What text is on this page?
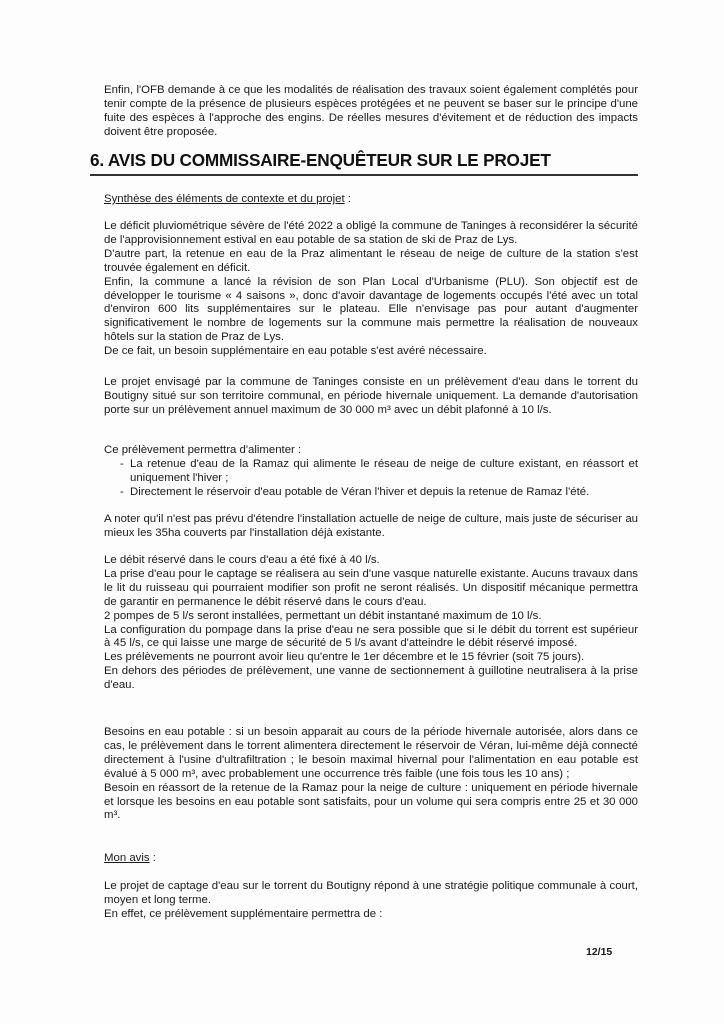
Enfin, l'OFB demande à ce que les modalités de réalisation des travaux soient également complétés pour tenir compte de la présence de plusieurs espèces protégées et ne peuvent se baser sur le principe d'une fuite des espèces à l'approche des engins. De réelles mesures d'évitement et de réduction des impacts doivent être proposée.

6. AVIS DU COMMISSAIRE-ENQUÊTEUR SUR LE PROJET

Synthèse des éléments de contexte et du projet :

Le déficit pluviométrique sévère de l'été 2022 a obligé la commune de Taninges à reconsidérer la sécurité de l'approvisionnement estival en eau potable de sa station de ski de Praz de Lys.

D'autre part, la retenue en eau de la Praz alimentant le réseau de neige de culture de la station s'est trouvée également en déficit.

Enfin, la commune a lancé la révision de son Plan Local d'Urbanisme (PLU). Son objectif est de développer le tourisme « 4 saisons », donc d'avoir davantage de logements occupés l'été avec un total d'environ 600 lits supplémentaires sur le plateau. Elle n'envisage pas pour autant d'augmenter significativement le nombre de logements sur la commune mais permettre la réalisation de nouveaux hôtels sur la station de Praz de Lys.

De ce fait, un besoin supplémentaire en eau potable s'est avéré nécessaire.

Le projet envisagé par la commune de Taninges consiste en un prélèvement d'eau dans le torrent du Boutigny situé sur son territoire communal, en période hivernale uniquement. La demande d'autorisation porte sur un prélèvement annuel maximum de 30 000 m³ avec un débit plafonné à 10 l/s.

Ce prélèvement permettra d'alimenter :

- La retenue d'eau de la Ramaz qui alimente le réseau de neige de culture existant, en réassort et uniquement l'hiver ;
- Directement le réservoir d'eau potable de Véran l'hiver et depuis la retenue de Ramaz l'été.

A noter qu'il n'est pas prévu d'étendre l'installation actuelle de neige de culture, mais juste de sécuriser au mieux les 35ha couverts par l'installation déjà existante.

Le débit réservé dans le cours d'eau a été fixé à 40 l/s.

La prise d'eau pour le captage se réalisera au sein d'une vasque naturelle existante. Aucuns travaux dans le lit du ruisseau qui pourraient modifier son profit ne seront réalisés. Un dispositif mécanique permettra de garantir en permanence le débit réservé dans le cours d'eau.

2 pompes de 5 l/s seront installées, permettant un débit instantané maximum de 10 l/s.

La configuration du pompage dans la prise d'eau ne sera possible que si le débit du torrent est supérieur à 45 l/s, ce qui laisse une marge de sécurité de 5 l/s avant d'atteindre le débit réservé imposé.

Les prélèvements ne pourront avoir lieu qu'entre le 1er décembre et le 15 février (soit 75 jours).

En dehors des périodes de prélèvement, une vanne de sectionnement à guillotine neutralisera à la prise d'eau.

Besoins en eau potable : si un besoin apparait au cours de la période hivernale autorisée, alors dans ce cas, le prélèvement dans le torrent alimentera directement le réservoir de Véran, lui-même déjà connecté directement à l'usine d'ultrafiltration ; le besoin maximal hivernal pour l'alimentation en eau potable est évalué à 5 000 m³, avec probablement une occurrence très faible (une fois tous les 10 ans) ;

Besoin en réassort de la retenue de la Ramaz pour la neige de culture : uniquement en période hivernale et lorsque les besoins en eau potable sont satisfaits, pour un volume qui sera compris entre 25 et 30 000 m³.

Mon avis :

Le projet de captage d'eau sur le torrent du Boutigny répond à une stratégie politique communale à court, moyen et long terme.

En effet, ce prélèvement supplémentaire permettra de :

12/15
